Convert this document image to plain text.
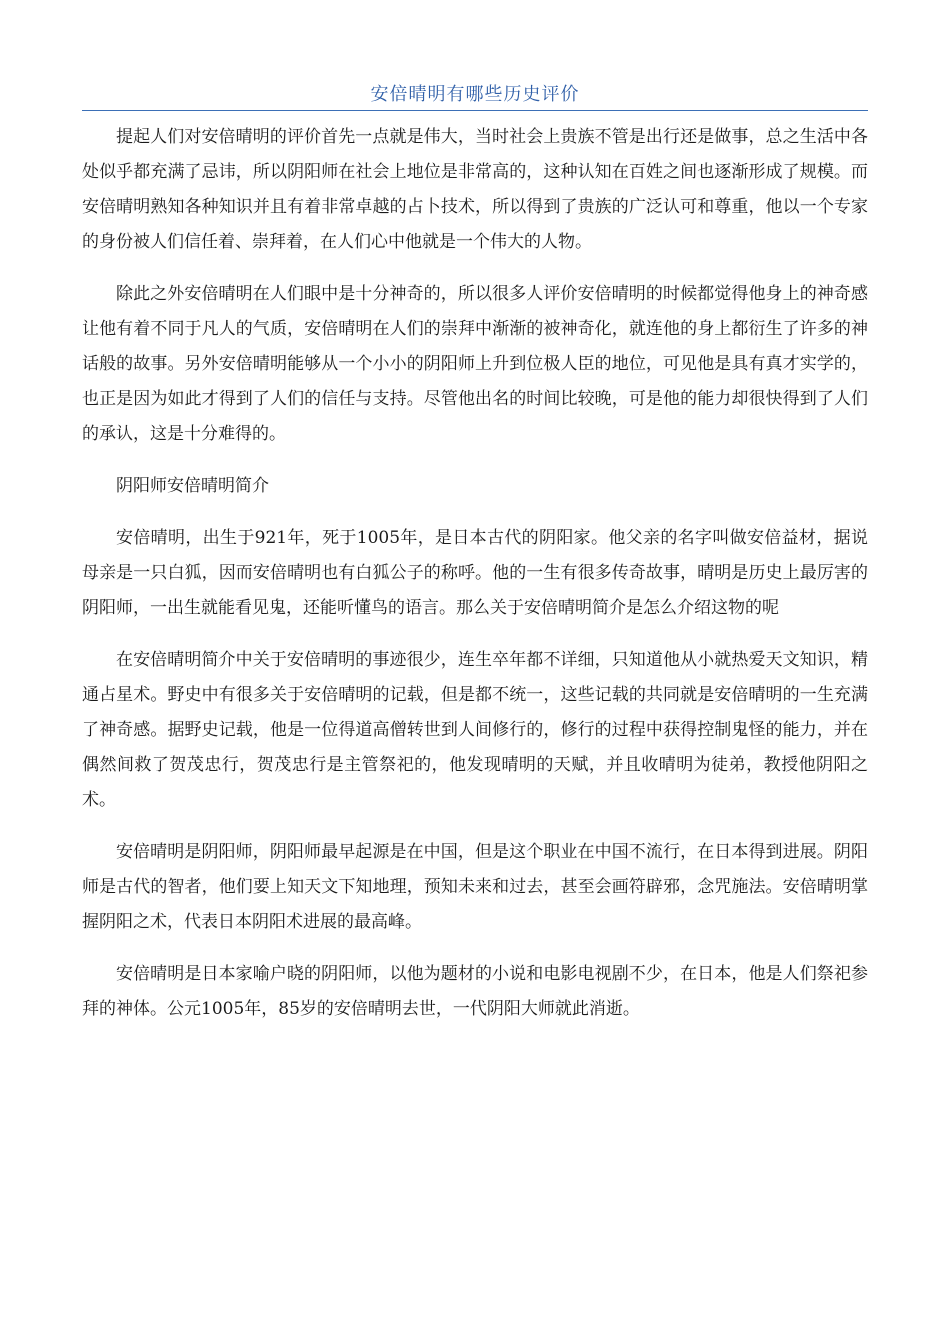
安倍晴明有哪些历史评价

提起人们对安倍晴明的评价首先一点就是伟大，当时社会上贵族不管是出行还是做事，总之生活中各处似乎都充满了忌讳，所以阴阳师在社会上地位是非常高的，这种认知在百姓之间也逐渐形成了规模。而安倍晴明熟知各种知识并且有着非常卓越的占卜技术，所以得到了贵族的广泛认可和尊重，他以一个专家的身份被人们信任着、崇拜着，在人们心中他就是一个伟大的人物。

除此之外安倍晴明在人们眼中是十分神奇的，所以很多人评价安倍晴明的时候都觉得他身上的神奇感让他有着不同于凡人的气质，安倍晴明在人们的崇拜中渐渐的被神奇化，就连他的身上都衍生了许多的神话般的故事。另外安倍晴明能够从一个小小的阴阳师上升到位极人臣的地位，可见他是具有真才实学的，也正是因为如此才得到了人们的信任与支持。尽管他出名的时间比较晚，可是他的能力却很快得到了人们的承认，这是十分难得的。

阴阳师安倍晴明简介

安倍晴明，出生于921年，死于1005年，是日本古代的阴阳家。他父亲的名字叫做安倍益材，据说母亲是一只白狐，因而安倍晴明也有白狐公子的称呼。他的一生有很多传奇故事，晴明是历史上最厉害的阴阳师，一出生就能看见鬼，还能听懂鸟的语言。那么关于安倍晴明简介是怎么介绍这物的呢

在安倍晴明简介中关于安倍晴明的事迹很少，连生卒年都不详细，只知道他从小就热爱天文知识，精通占星术。野史中有很多关于安倍晴明的记载，但是都不统一，这些记载的共同就是安倍晴明的一生充满了神奇感。据野史记载，他是一位得道高僧转世到人间修行的，修行的过程中获得控制鬼怪的能力，并在偶然间救了贺茂忠行，贺茂忠行是主管祭祀的，他发现晴明的天赋，并且收晴明为徒弟，教授他阴阳之术。

安倍晴明是阴阳师，阴阳师最早起源是在中国，但是这个职业在中国不流行，在日本得到进展。阴阳师是古代的智者，他们要上知天文下知地理，预知未来和过去，甚至会画符辟邪，念咒施法。安倍晴明掌握阴阳之术，代表日本阴阳术进展的最高峰。

安倍晴明是日本家喻户晓的阴阳师，以他为题材的小说和电影电视剧不少，在日本，他是人们祭祀参拜的神体。公元1005年，85岁的安倍晴明去世，一代阴阳大师就此消逝。
